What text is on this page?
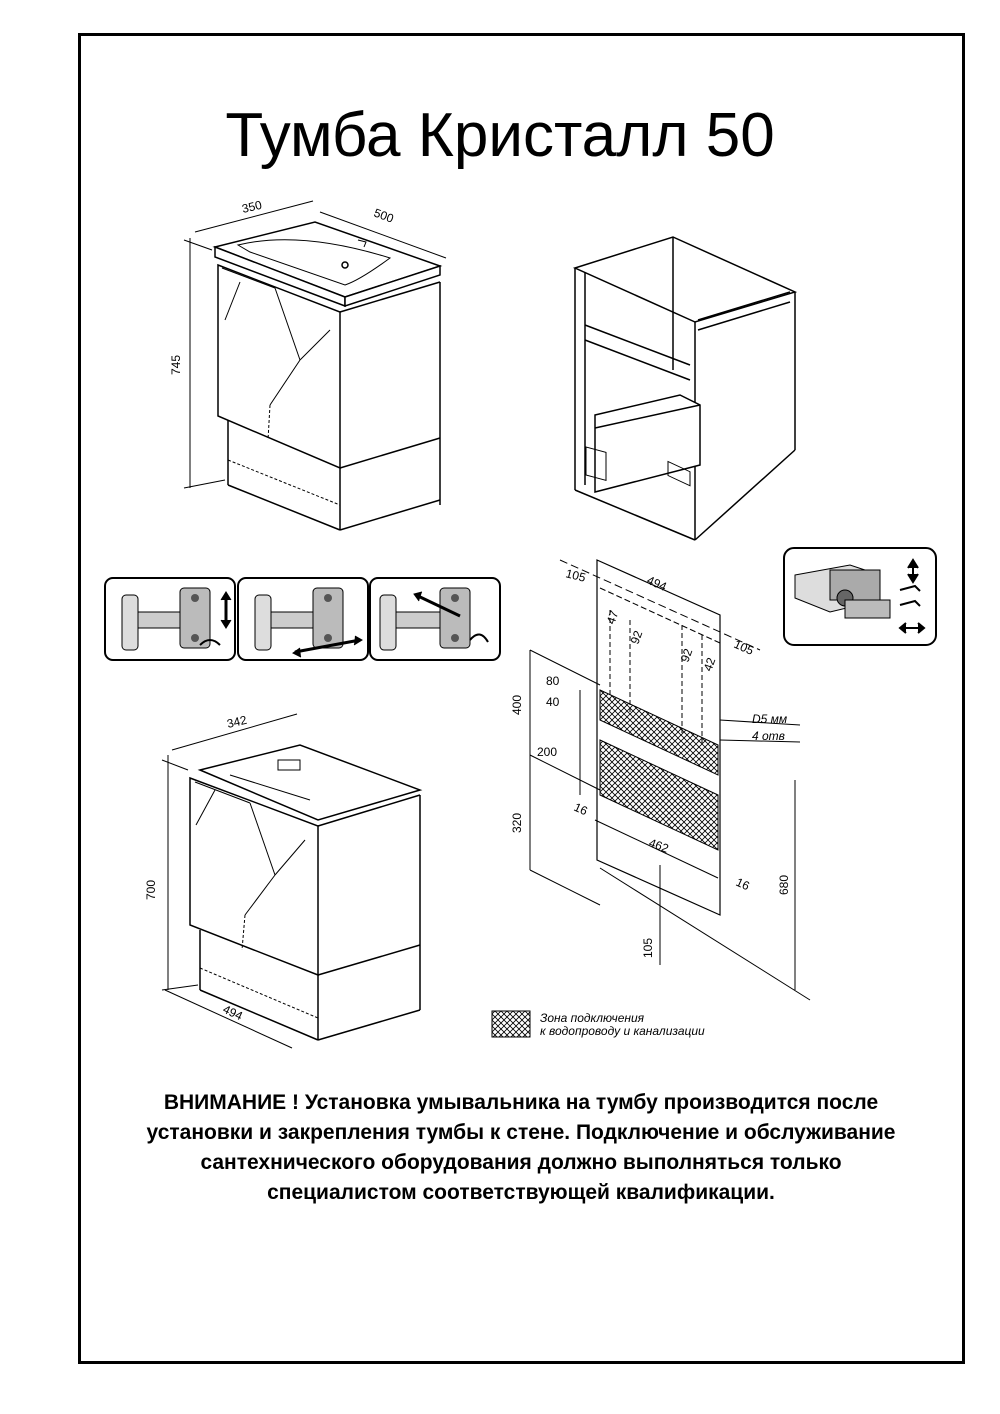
Тумба Кристалл 50
745
350	500
700
342
494
105	494
105
47
92
92
42
80
40
400
200
320
16
462
16 680
105
D5 мм
4 отв
Зона подключения
к водопроводу и канализации
ВНИМАНИЕ ! Установка умывальника на тумбу производится после
установки и закрепления тумбы к стене. Подключение и обслуживание
сантехнического оборудования должно выполняться только
специалистом соответствующей квалификации.
